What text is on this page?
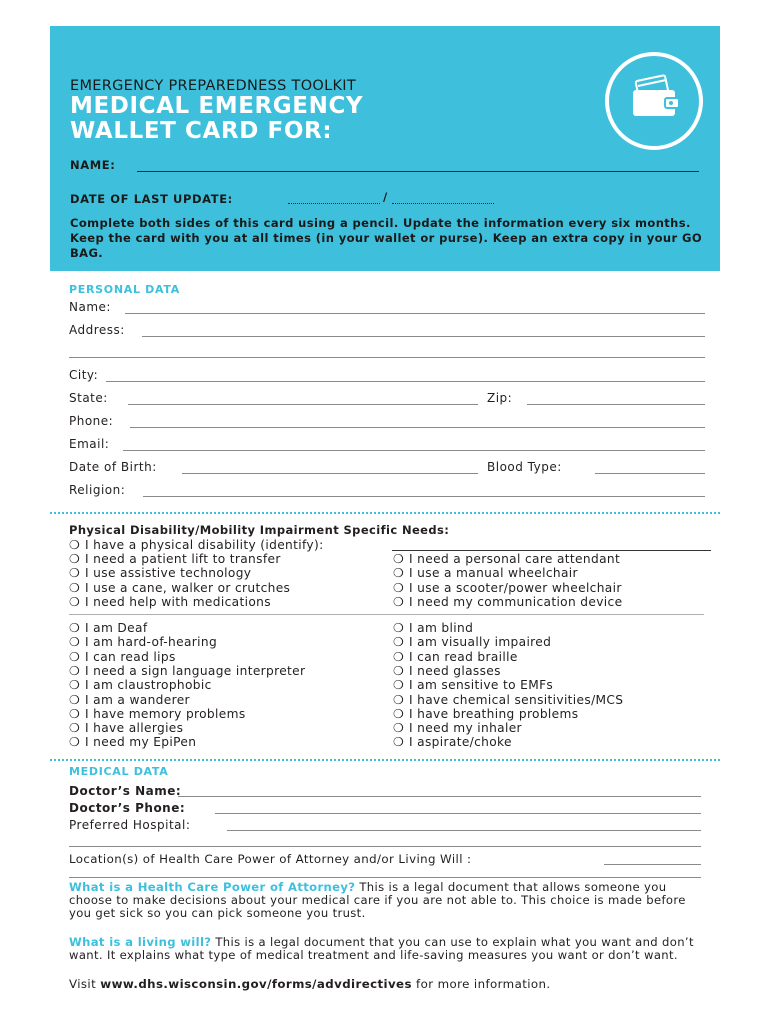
EMERGENCY PREPAREDNESS TOOLKIT
MEDICAL EMERGENCY
WALLET CARD FOR:
NAME:
DATE OF LAST UPDATE:	/
Complete both sides of this card using a pencil. Update the information every six months. Keep the card with you at all times (in your wallet or purse). Keep an extra copy in your GO BAG.
PERSONAL DATA
Name:
Address:
City:
State:	Zip:
Phone:
Email:
Date of Birth:	Blood Type:
Religion:
Physical Disability/Mobility Impairment Specific Needs:
❍ I have a physical disability (identify):
❍ I need a patient lift to transfer
❍ I use assistive technology
❍ I use a cane, walker or crutches
❍ I need help with medications
❍ I need a personal care attendant
❍ I use a manual wheelchair
❍ I use a scooter/power wheelchair
❍ I need my communication device
❍ I am Deaf
❍ I am hard-of-hearing
❍ I can read lips
❍ I need a sign language interpreter
❍ I am claustrophobic
❍ I am a wanderer
❍ I have memory problems
❍ I have allergies
❍ I need my EpiPen
❍ I am blind
❍ I am visually impaired
❍ I can read braille
❍ I need glasses
❍ I am sensitive to EMFs
❍ I have chemical sensitivities/MCS
❍ I have breathing problems
❍ I need my inhaler
❍ I aspirate/choke
MEDICAL DATA
Doctor’s Name:
Doctor’s Phone:
Preferred Hospital:
Location(s) of Health Care Power of Attorney and/or Living Will :
What is a Health Care Power of Attorney? This is a legal document that allows someone you choose to make decisions about your medical care if you are not able to. This choice is made before you get sick so you can pick someone you trust.
What is a living will? This is a legal document that you can use to explain what you want and don’t want. It explains what type of medical treatment and life-saving measures you want or don’t want.
Visit www.dhs.wisconsin.gov/forms/advdirectives for more information.
